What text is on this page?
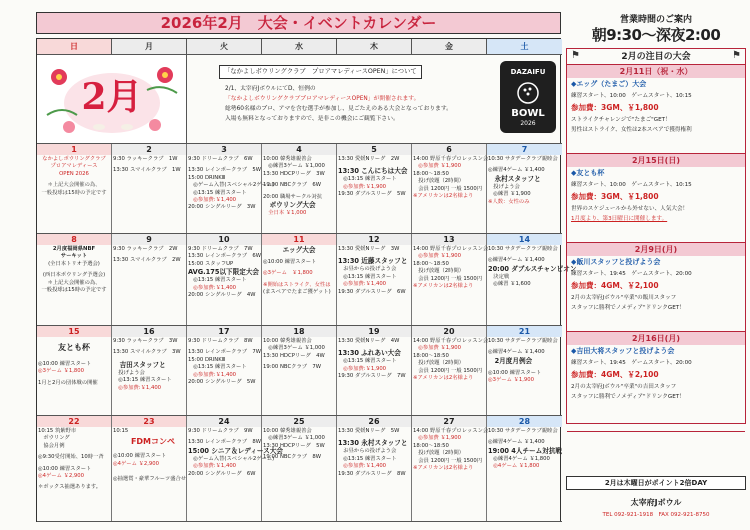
2026年2月　大会・イベントカレンダー
日	月	火	水	木	金	土
2月
「なかよしボウリングクラブ　プロアマレディースOPEN」について
2/1、太宰府JボウルにてD、恒例の
「なかよしボウリングクラブプロアマレディースOPEN」が開催されます。
総勢60名様のプロ、アマを含む選手が参加し、見ごたえのある大会となっております。
入場も無料となっておりますので、是非この機会にご観覧下さい。
DAZAIFU
BOWL
2026
1
なかよしボウリングクラブ
プロアマレディース
OPEN 2026
＊上記大会開催の為、
一般投球は15時の予定です
2
9:30 ラッキークラブ　1W
13:30 スマイルクラブ　1W
3
9:30 ドリームクラブ　6W
13:30 レインボークラブ　5W
15:00 DRINKⅢ
　◎ゲーム入替(スペシャル2ゲーム)
　◎13:15 練習スタート
　◎参加費:￥1,400
20:00 シングルリーグ　3W
4
10:00 韓秀雄親善会
　◎練習3ゲーム ￥1,000
13:30 HDCPリーグ　3W
19:00 NBCクラブ　6W
20:00 職場サークル対抗
　ボウリング大会
　全日本 ￥1,000
5
13:30 愛媛Nリーグ　2W
13:30 こんにちは大会
　◎13:15 練習スタート
　◎参加費:￥1,900
19:30 ダブルスリーグ　5W
6
14:00 野原千春プロレッスン会
　◎参加費 ￥1,900
18:00〜18:50
　投げ放題（2時間）
　会員 1200円 一般 1500円
※アメリカンは2名様より
7
10:30 サタデークラブ親睦会
◎練習4ゲーム ￥1,400
　永村スタッフと
　投げよう会
　◎練習 ￥1,900
※人数：女性のみ
8
2月度福岡県NBF
サーキット
(全日本トリオ予選会)
(西日本ボウリング予選会)
＊上記大会開催の為、
一般投球は15時の予定です
9
9:30 ラッキークラブ　2W
13:30 スマイルクラブ　2W
10
9:30 ドリームクラブ　7W
13:30 レインボークラブ　6W
15:00 スタッフUP
AVG.175以下限定大会
　◎13:15 練習スタート
　◎参加費:￥1,400
20:00 シングルリーグ　4W
11
エッグ大会
◎10:00 練習スタート
◎3ゲーム　￥1,800
※開始はストライク、女性は
(まスペアでたまご獲ゲット)
12
13:30 愛媛Nリーグ　3W
13:30 近藤スタッフと
　お昼からの投げよう会
　◎13:15 練習スタート
　◎参加費:￥1,400
19:30 ダブルスリーグ　6W
13
14:00 野原千春プロレッスン会
　◎参加費 ￥1,900
18:00〜18:50
　投げ放題（2時間）
　会員 1200円 一般 1500円
※アメリカンは2名様より
14
10:30 サタデークラブ親睦会
◎練習4ゲーム ￥1,400
20:00 ダブルスチャンピオン
　決定戦
　◎練習 ￥1,600
15
友とも杯
◎10:00 練習スタート
◎3ゲーム ￥1,800
1月と2月の団体戦の開催
16
9:30 ラッキークラブ　3W
13:30 スマイルクラブ　3W
　吉田スタッフと
　投げよう会
　◎13:15 練習スタート
　◎参加費:￥1,400
17
9:30 ドリームクラブ　8W
13:30 レインボークラブ　7W
15:00 DRINKⅢ
　◎13:15 練習スタート
　◎参加費:￥1,400
20:00 シングルリーグ　5W
18
10:00 韓秀雄親善会
　◎練習3ゲーム ￥1,000
13:30 HDCPリーグ　4W
19:00 NBCクラブ　7W
19
13:30 愛媛Nリーグ　4W
13:30 ふれあい大会
　◎13:15 練習スタート
　◎参加費:￥1,900
19:30 ダブルスリーグ　7W
20
14:00 野原千春プロレッスン会
　◎参加費 ￥1,900
18:00〜18:50
　投げ放題（2時間）
　会員 1200円 一般 1500円
※アメリカンは2名様より
21
10:30 サタデークラブ親睦会
◎練習4ゲーム ￥1,400
　2月度月例会
◎10:00 練習スタート
◎3ゲーム ￥1,900
22
10:15 筑紫野市
　ボウリング
　協会月例
◎9:30受付開始、10時一斉
◎10:00 練習スタート
◎4ゲーム ￥2,900
＊ボックス抽選あります。
23
10:15
　FDMコンペ
◎10:00 練習スタート
◎4ゲーム ￥2,900
◎抽選賞・豪華フルーツ盛合せ
24
9:30 ドリームクラブ　9W
13:30 レインボークラブ　8W
15:00 シニア＆レディース大会
　◎ゲーム入替(スペシャル2ゲーム)
　◎参加費:￥1,400
20:00 シングルリーグ　6W
25
10:00 韓秀雄親善会
　◎練習3ゲーム ￥1,000
13:30 HDCPリーグ　5W
19:00 NBCクラブ　8W
26
13:30 愛媛Nリーグ　5W
13:30 永村スタッフと
　お昼からの投げよう会
　◎13:15 練習スタート
　◎参加費:￥1,400
19:30 ダブルスリーグ　8W
27
14:00 野原千春プロレッスン会
　◎参加費 ￥1,900
18:00〜18:50
　投げ放題（2時間）
　会員 1200円 一般 1500円
※アメリカンは2名様より
28
10:30 サタデークラブ親睦会
◎練習4ゲーム ￥1,400
19:00 4人チーム対抗戦
　◎練習4ゲーム ￥1,800
　◎4ゲーム ￥1,800
営業時間のご案内
朝9:30〜深夜2:00
⚑	2月の注目の大会	⚑
2月11日（祝・水）
◆エッグ（たまご）大会
練習スタート、10:00　ゲームスタート、10:15
参加費：3GM、￥1,800
ストライクチャレンジで"たまご"GET！
男性はストライク、女性は2本スペアで獲得権利
2月15日(日)
◆友とも杯
練習スタート、10:00　ゲームスタート、10:15
参加費：3GM、￥1,800
世界のスケジュールから外せない、人気大会！
1月度より、第3日曜日に開催します。
2月9日(月)
◆飯川スタッフと投げよう会
練習スタート、19:45　ゲームスタート、20:00
参加費：4GM、￥2,100
2月の太宰府Jボウル"卒業"の飯川スタッフ
スタッフに勝利でノメディア"ドリンクGET！
2月16日(月)
◆吉田大将スタッフと投げよう会
練習スタート、19:45　ゲームスタート、20:00
参加費：4GM、￥2,100
2月の太宰府Jボウル"卒業"の吉田スタッフ
スタッフに勝利でノメディア"ドリンクGET！
2月は木曜日がポイント2倍DAY
太宰府Jボウル
TEL 092-921-1918　FAX 092-921-8750
